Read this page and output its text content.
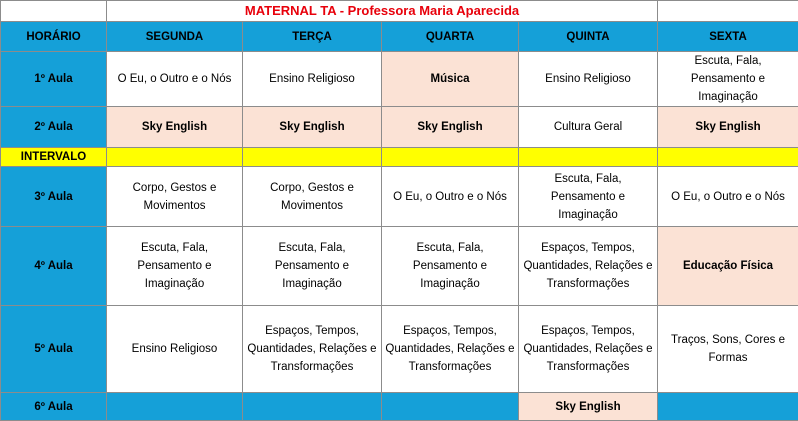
	MATERNAL TA - Professora Maria Aparecida				
HORÁRIO	SEGUNDA	TERÇA	QUARTA	QUINTA	SEXTA
1º Aula	O Eu, o Outro e o Nós	Ensino Religioso	Música	Ensino Religioso	Escuta, Fala, Pensamento e Imaginação
2º Aula	Sky English	Sky English	Sky English	Cultura Geral	Sky English
INTERVALO					
3º Aula	Corpo, Gestos e Movimentos	Corpo, Gestos e Movimentos	O Eu, o Outro e o Nós	Escuta, Fala, Pensamento e Imaginação	O Eu, o Outro e o Nós
4º Aula	Escuta, Fala, Pensamento e Imaginação	Escuta, Fala, Pensamento e Imaginação	Escuta, Fala, Pensamento e Imaginação	Espaços, Tempos, Quantidades, Relações e Transformações	Educação Física
5º Aula	Ensino Religioso	Espaços, Tempos, Quantidades, Relações e Transformações	Espaços, Tempos, Quantidades, Relações e Transformações	Espaços, Tempos, Quantidades, Relações e Transformações	Traços, Sons, Cores e Formas
6º Aula				Sky English	
